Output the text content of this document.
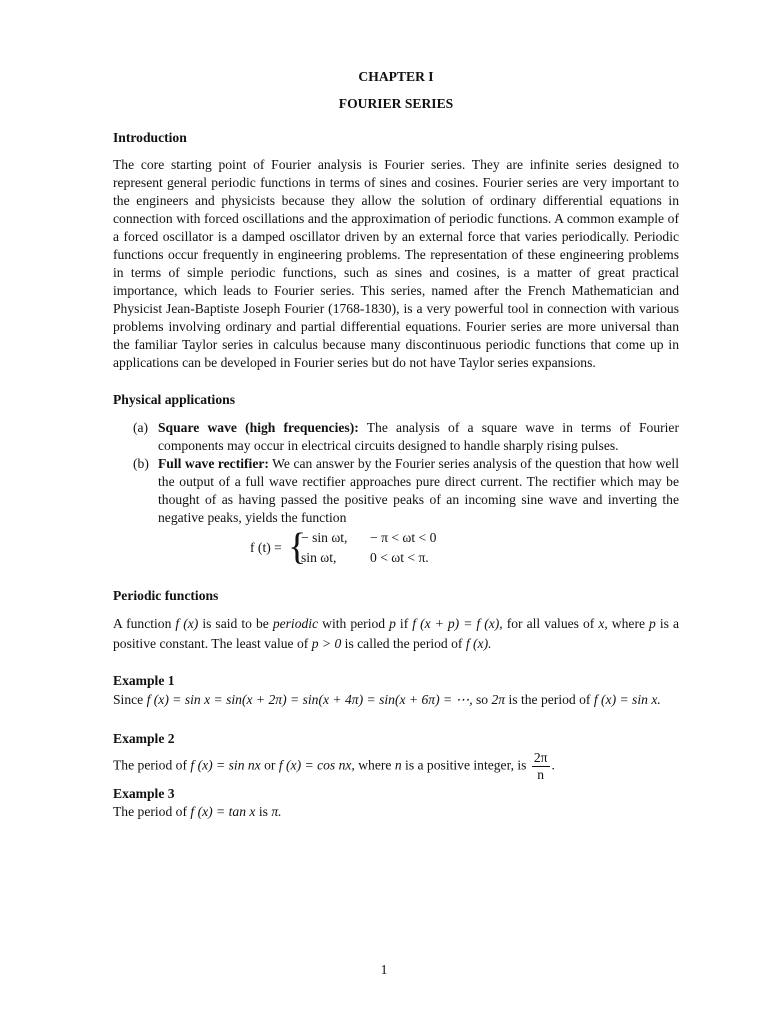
CHAPTER I
FOURIER SERIES
Introduction

The core starting point of Fourier analysis is Fourier series. They are infinite series designed to represent general periodic functions in terms of sines and cosines. Fourier series are very important to the engineers and physicists because they allow the solution of ordinary differential equations in connection with forced oscillations and the approximation of periodic functions. A common example of a forced oscillator is a damped oscillator driven by an external force that varies periodically. Periodic functions occur frequently in engineering problems. The representation of these engineering problems in terms of simple periodic functions, such as sines and cosines, is a matter of great practical importance, which leads to Fourier series. This series, named after the French Mathematician and Physicist Jean-Baptiste Joseph Fourier (1768-1830), is a very powerful tool in connection with various problems involving ordinary and partial differential equations. Fourier series are more universal than the familiar Taylor series in calculus because many discontinuous periodic functions that come up in applications can be developed in Fourier series but do not have Taylor series expansions.

Physical applications
(a) Square wave (high frequencies): The analysis of a square wave in terms of Fourier components may occur in electrical circuits designed to handle sharply rising pulses.
(b) Full wave rectifier: We can answer by the Fourier series analysis of the question that how well the output of a full wave rectifier approaches pure direct current. The rectifier which may be thought of as having passed the positive peaks of an incoming sine wave and inverting the negative peaks, yields the function
f (t) = {
− sin ωt, − π < ωt < 0
sin ωt, 0 < ωt < π.
Periodic functions

A function f (x) is said to be periodic with period p if f (x + p) = f (x), for all values of x, where p is a positive constant. The least value of p > 0 is called the period of f (x).

Example 1

Since f (x) = sin x = sin(x + 2π) = sin(x + 4π) = sin(x + 6π) = ⋯, so 2π is the period of f (x) = sin x.

Example 2

The period of f (x) = sin nx or f (x) = cos nx, where n is a positive integer, is $\frac{2\pi}{n}$ .

Example 3

The period of f (x) = tan x is π.

1
